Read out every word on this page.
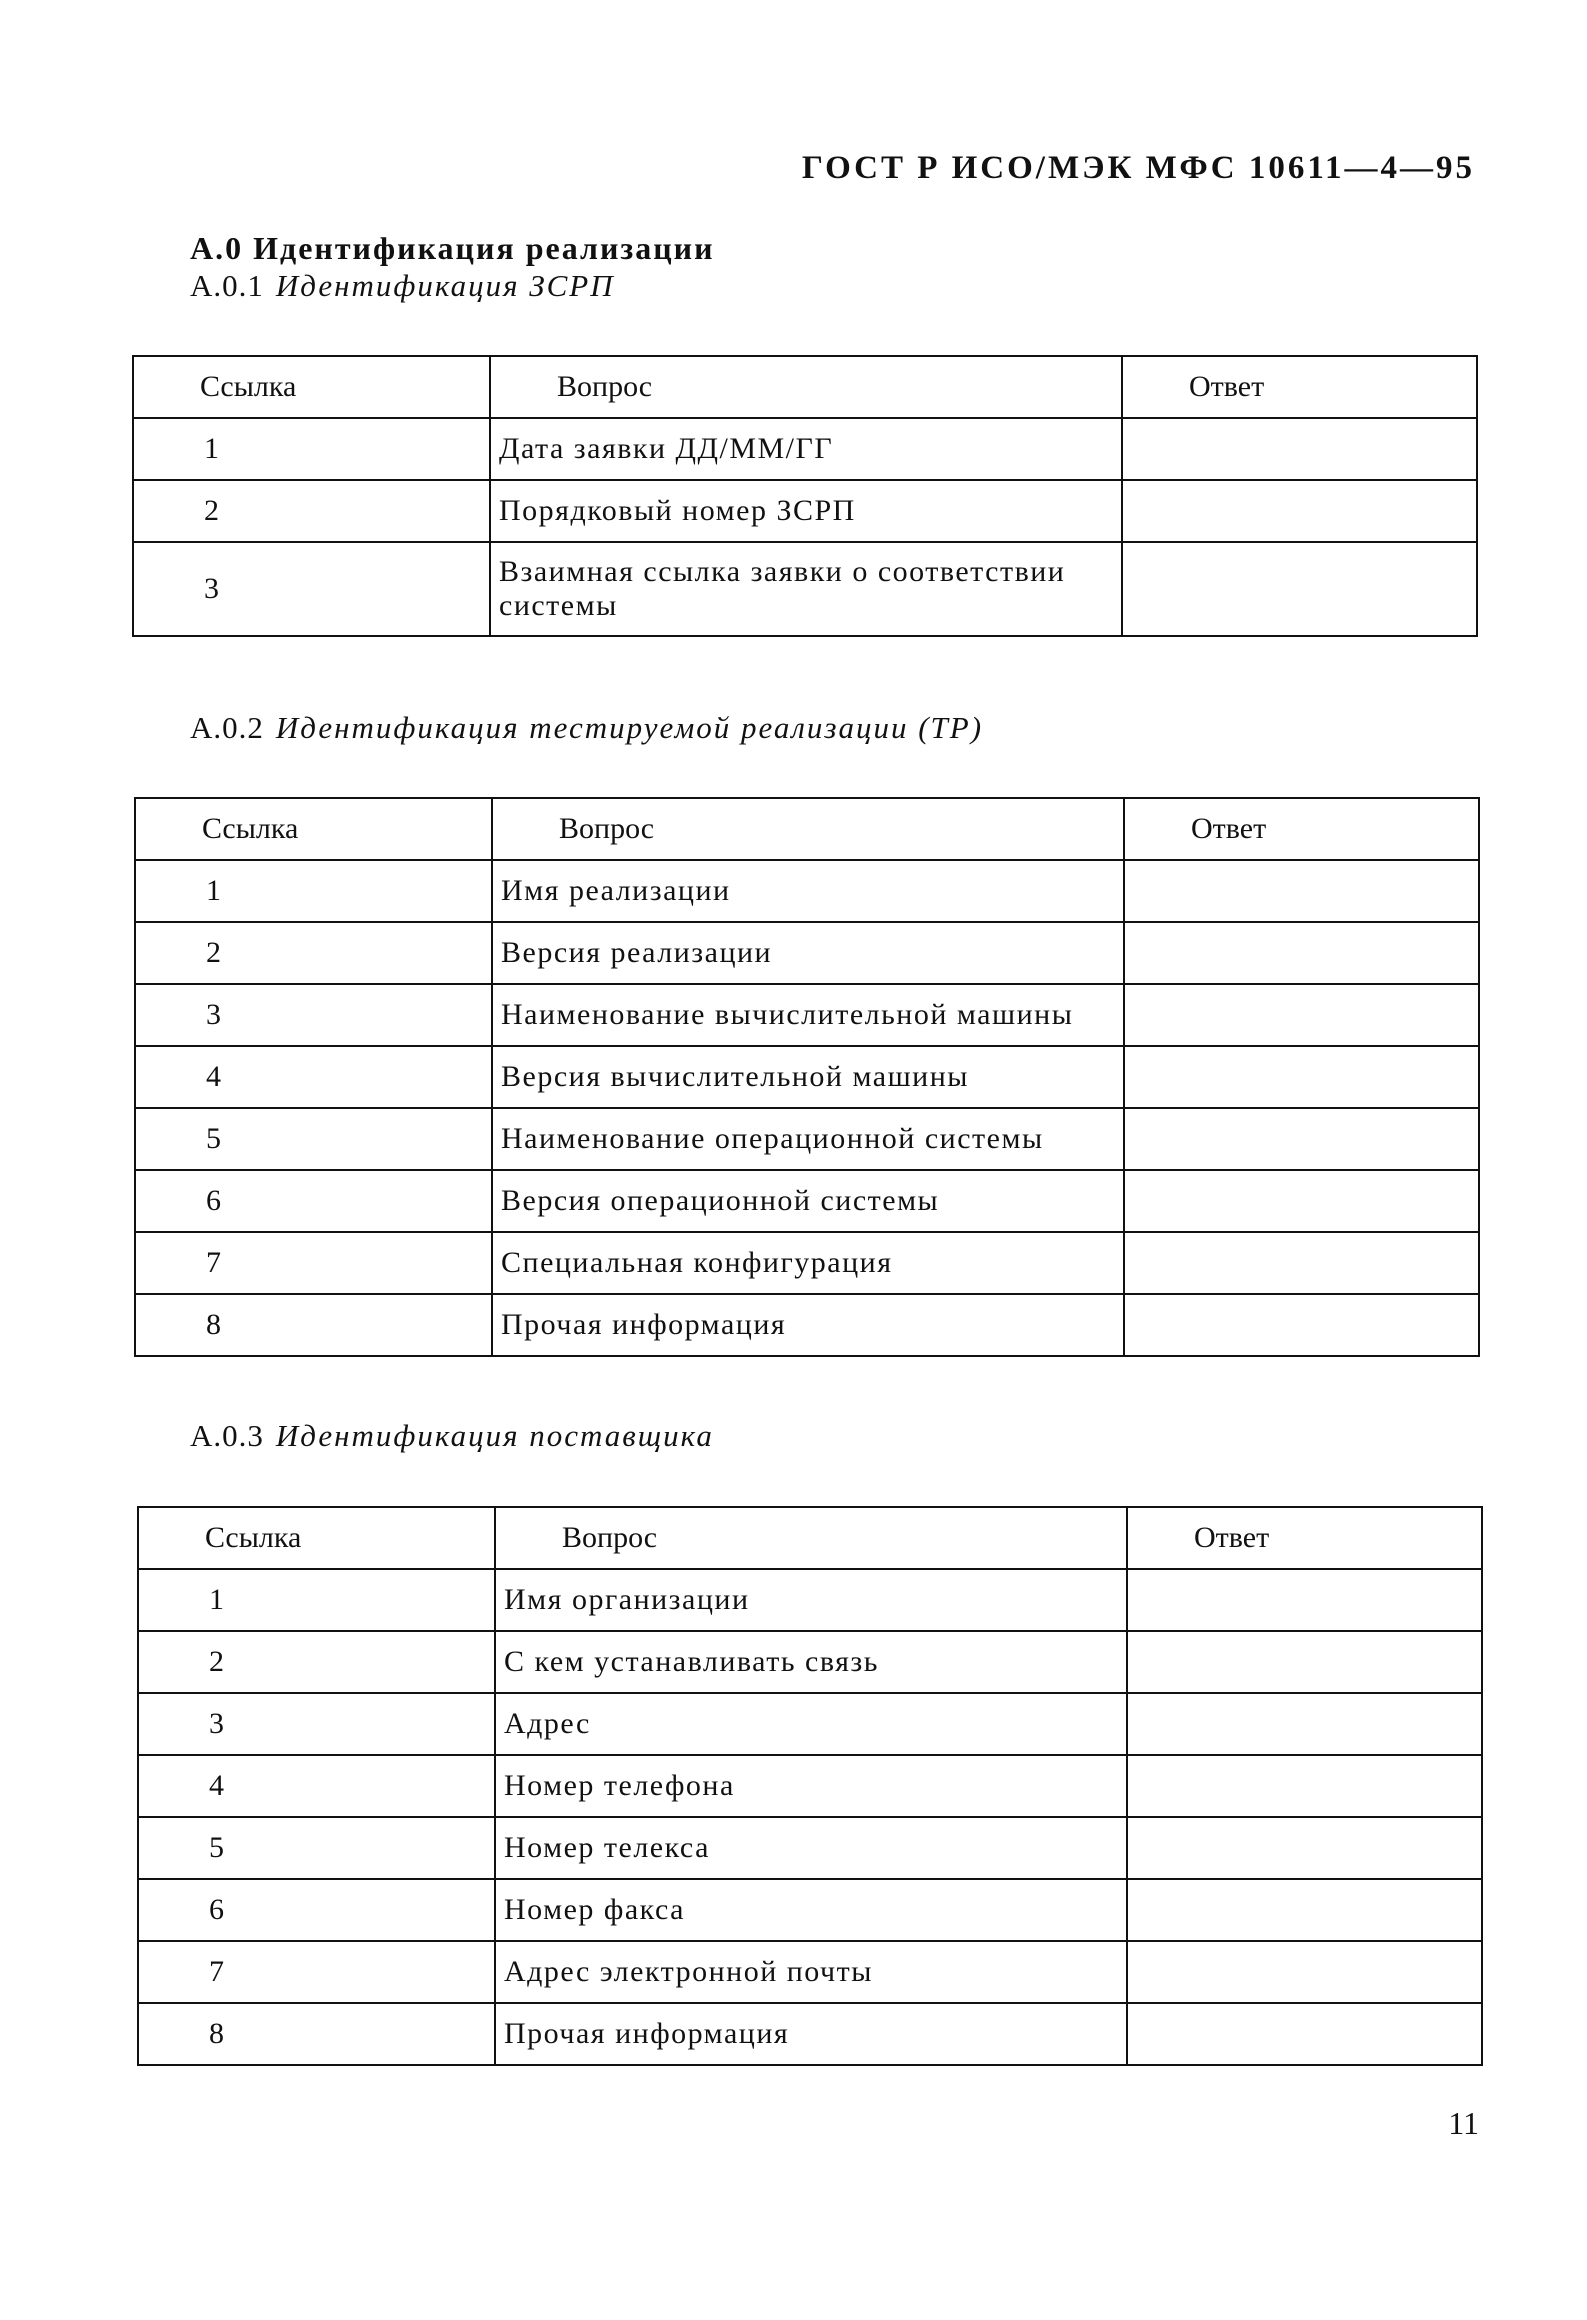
ГОСТ Р ИСО/МЭК МФС 10611—4—95
А.0 Идентификация реализации
А.0.1 Идентификация ЗСРП
Ссылка	Вопрос	Ответ
1	Дата заявки ДД/ММ/ГГ	
2	Порядковый номер ЗСРП	
3	Взаимная ссылка заявки о соответствии системы	
А.0.2 Идентификация тестируемой реализации (ТР)
Ссылка	Вопрос	Ответ
1	Имя реализации	
2	Версия реализации	
3	Наименование вычислительной машины	
4	Версия вычислительной машины	
5	Наименование операционной системы	
6	Версия операционной системы	
7	Специальная конфигурация	
8	Прочая информация	
А.0.3 Идентификация поставщика
Ссылка	Вопрос	Ответ
1	Имя организации	
2	С кем устанавливать связь	
3	Адрес	
4	Номер телефона	
5	Номер телекса	
6	Номер факса	
7	Адрес электронной почты	
8	Прочая информация	
11
